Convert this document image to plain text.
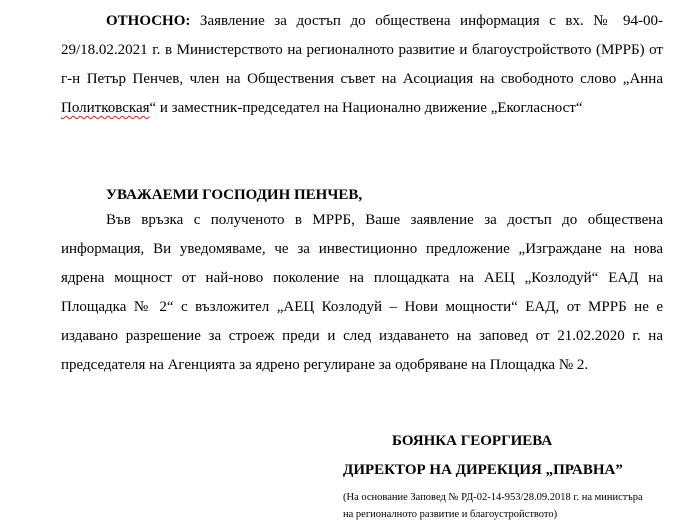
ОТНОСНО: Заявление за достъп до обществена информация с вх. № 94-00-29/18.02.2021 г. в Министерството на регионалното развитие и благоустройството (МРРБ) от г-н Петър Пенчев, член на Обществения съвет на Асоциация на свободното слово „Анна Политковская“ и заместник-председател на Национално движение „Екогласност“

УВАЖАЕМИ ГОСПОДИН ПЕНЧЕВ,

Във връзка с полученото в МРРБ, Ваше заявление за достъп до обществена информация, Ви уведомяваме, че за инвестиционно предложение „Изграждане на нова ядрена мощност от най-ново поколение на площадката на АЕЦ „Козлодуй“ ЕАД на Площадка № 2“ с възложител „АЕЦ Козлодуй – Нови мощности“ ЕАД, от МРРБ не е издавано разрешение за строеж преди и след издаването на заповед от 21.02.2020 г. на председателя на Агенцията за ядрено регулиране за одобряване на Площадка № 2.

БОЯНКА ГЕОРГИЕВА

ДИРЕКТОР НА ДИРЕКЦИЯ „ПРАВНА”

(На основание Заповед № РД-02-14-953/28.09.2018 г. на министъра на регионалното развитие и благоустройството)
